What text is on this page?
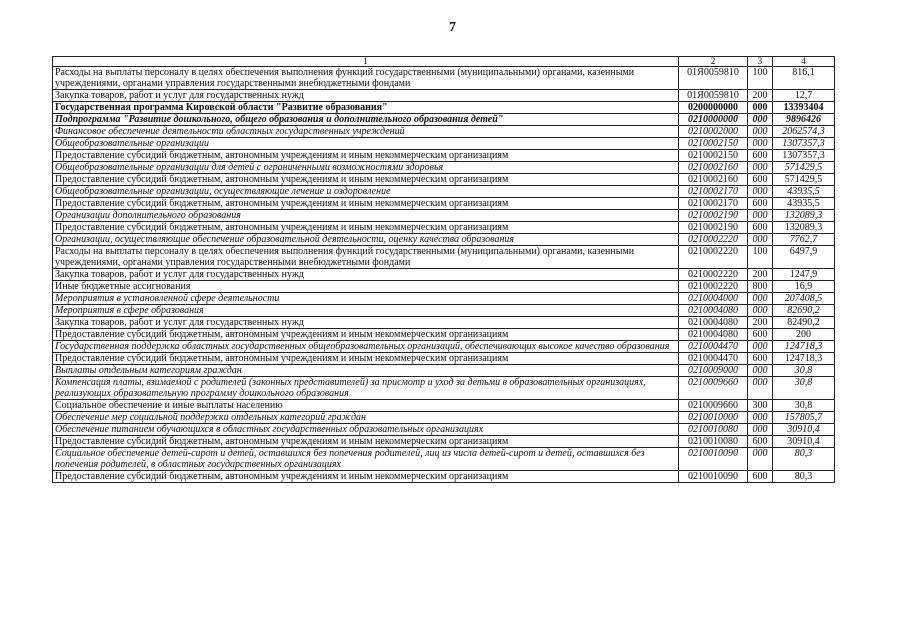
7
1	2	3	4
Расходы на выплаты персоналу в целях обеспечения выполнения функций государственными (муниципальными) органами, казенными учреждениями, органами управления государственными внебюджетными фондами	01Я0059810	100	816,1
Закупка товаров, работ и услуг для государственных нужд	01Я0059810	200	12,7
Государственная программа Кировской области "Развитие образования"	0200000000	000	13393404
Подпрограмма "Развитие дошкольного, общего образования и дополнительного образования детей"	0210000000	000	9896426
Финансовое обеспечение деятельности областных государственных учреждений	0210002000	000	2062574,3
Общеобразовательные организации	0210002150	000	1307357,3
Предоставление субсидий бюджетным, автономным учреждениям и иным некоммерческим организациям	0210002150	600	1307357,3
Общеобразовательные организации для детей с ограниченными возможностями здоровья	0210002160	000	571429,5
Предоставление субсидий бюджетным, автономным учреждениям и иным некоммерческим организациям	0210002160	600	571429,5
Общеобразовательные организации, осуществляющие лечение и оздоровление	0210002170	000	43935,5
Предоставление субсидий бюджетным, автономным учреждениям и иным некоммерческим организациям	0210002170	600	43935,5
Организации дополнительного образования	0210002190	000	132089,3
Предоставление субсидий бюджетным, автономным учреждениям и иным некоммерческим организациям	0210002190	600	132089,3
Организации, осуществляющие обеспечение образовательной деятельности, оценку качества образования	0210002220	000	7762,7
Расходы на выплаты персоналу в целях обеспечения выполнения функций государственными (муниципальными) органами, казенными учреждениями, органами управления государственными внебюджетными фондами	0210002220	100	6497,9
Закупка товаров, работ и услуг для государственных нужд	0210002220	200	1247,9
Иные бюджетные ассигнования	0210002220	800	16,9
Мероприятия в установленной сфере деятельности	0210004000	000	207408,5
Мероприятия в сфере образования	0210004080	000	82690,2
Закупка товаров, работ и услуг для государственных нужд	0210004080	200	82490,2
Предоставление субсидий бюджетным, автономным учреждениям и иным некоммерческим организациям	0210004080	600	200
Государственная поддержка областных государственных общеобразовательных организаций, обеспечивающих высокое качество образования	0210004470	000	124718,3
Предоставление субсидий бюджетным, автономным учреждениям и иным некоммерческим организациям	0210004470	600	124718,3
Выплаты отдельным категориям граждан	0210009000	000	30,8
Компенсация платы, взимаемой с родителей (законных представителей) за присмотр и уход за детьми в образовательных организациях, реализующих образовательную программу дошкольного образования	0210009660	000	30,8
Социальное обеспечение и иные выплаты населению	0210009660	300	30,8
Обеспечение мер социальной поддержки отдельных категорий граждан	0210010000	000	157805,7
Обеспечение питанием обучающихся в областных государственных образовательных организациях	0210010080	000	30910,4
Предоставление субсидий бюджетным, автономным учреждениям и иным некоммерческим организациям	0210010080	600	30910,4
Социальное обеспечение детей-сирот и детей, оставшихся без попечения родителей, лиц из числа детей-сирот и детей, оставшихся без попечения родителей, в областных государственных организациях	0210010090	000	80,3
Предоставление субсидий бюджетным, автономным учреждениям и иным некоммерческим организациям	0210010090	600	80,3
